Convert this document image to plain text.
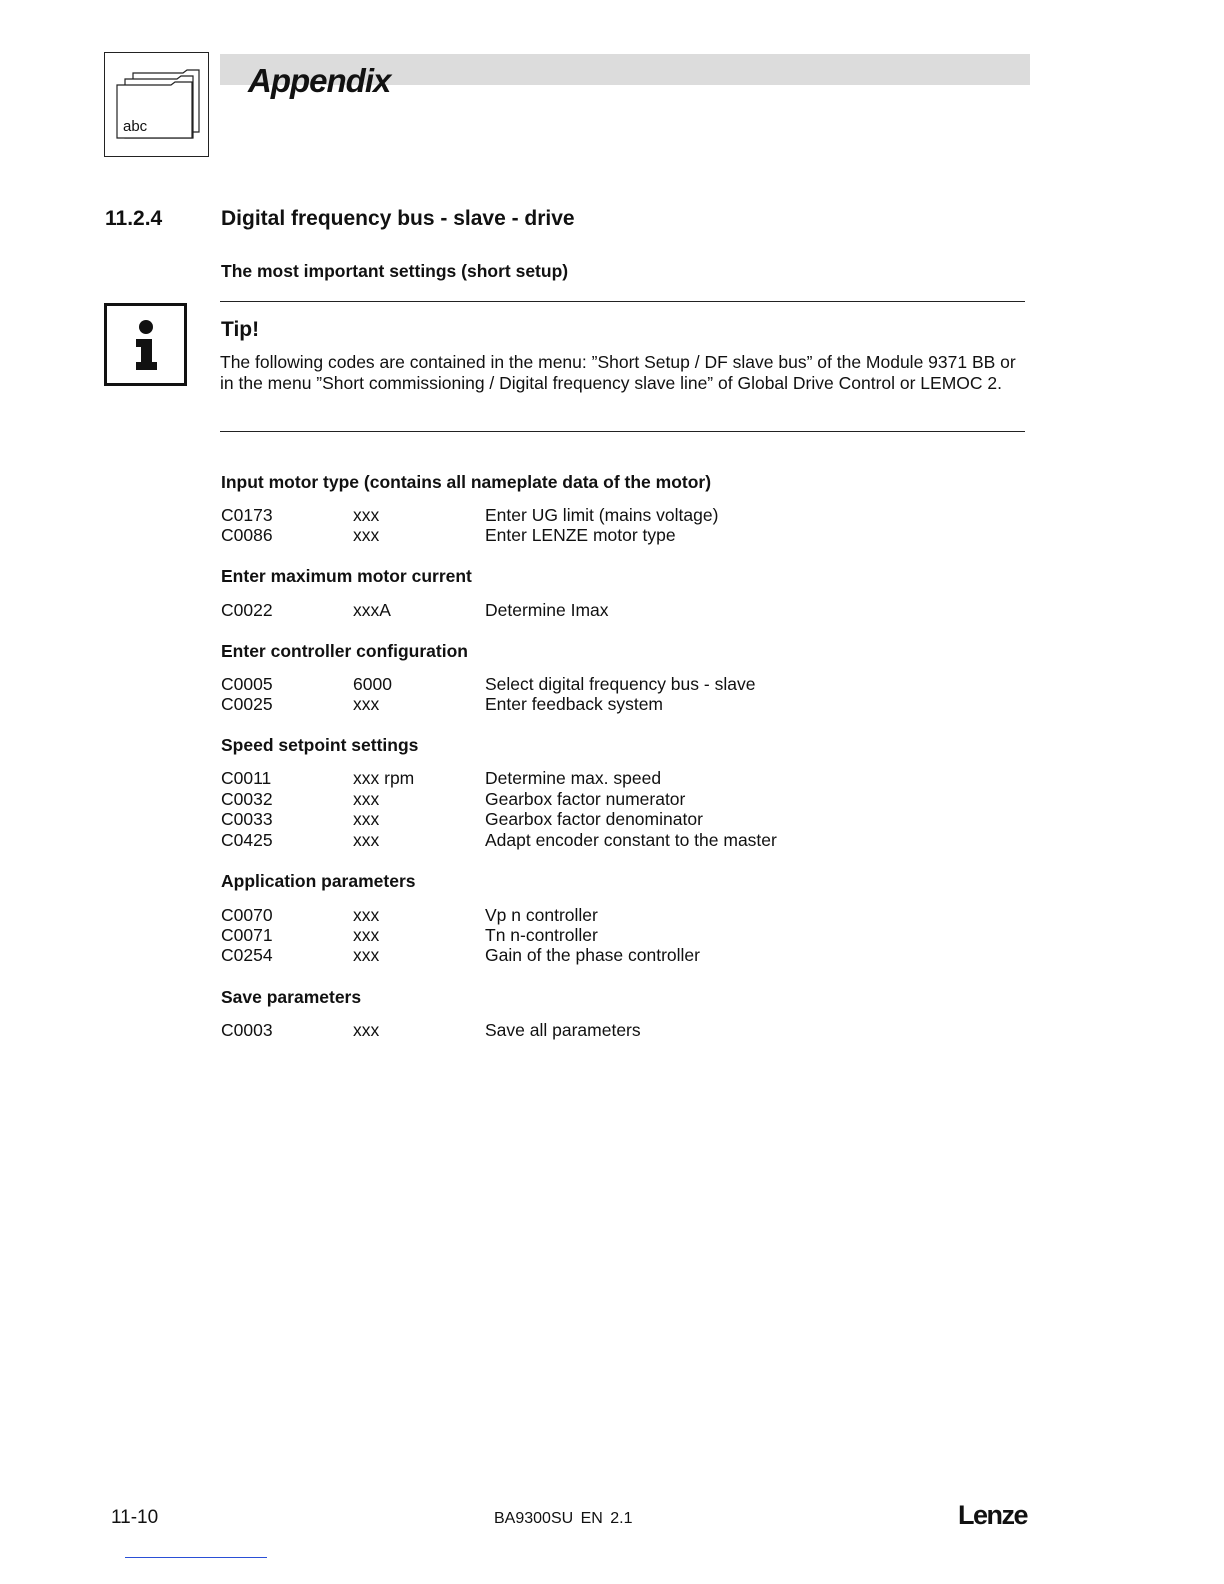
abc
Appendix
11.2.4	Digital frequency bus - slave - drive
The most important settings (short setup)
Tip!
The following codes are contained in the menu: ”Short Setup / DF slave bus” of the Module 9371 BB or in the menu ”Short commissioning / Digital frequency slave line” of Global Drive Control or LEMOC 2.
Input motor type (contains all nameplate data of the motor)
C0173	xxx	Enter UG limit (mains voltage)
C0086	xxx	Enter LENZE motor type
Enter maximum motor current
C0022	xxxA	Determine Imax
Enter controller configuration
C0005	6000	Select digital frequency bus - slave
C0025	xxx	Enter feedback system
Speed setpoint settings
C0011	xxx rpm	Determine max. speed
C0032	xxx	Gearbox factor numerator
C0033	xxx	Gearbox factor denominator
C0425	xxx	Adapt encoder constant to the master
Application parameters
C0070	xxx	Vp n controller
C0071	xxx	Tn n-controller
C0254	xxx	Gain of the phase controller
Save parameters
C0003	xxx	Save all parameters
11-10	BA9300SU EN 2.1	Lenze
